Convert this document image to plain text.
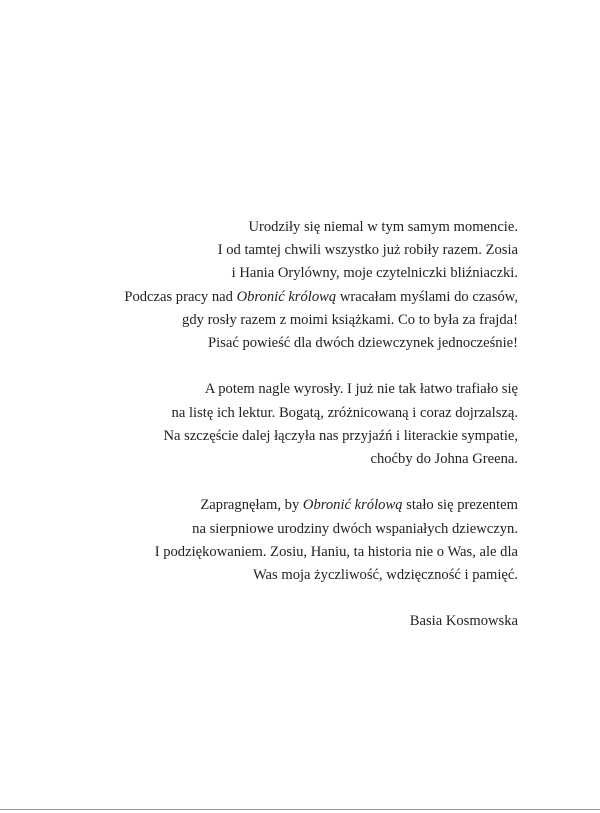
Urodziły się niemal w tym samym momencie.
I od tamtej chwili wszystko już robiły razem. Zosia
i Hania Orylówny, moje czytelniczki bliźniaczki.
Podczas pracy nad Obronić królową wracałam myślami do czasów,
gdy rosły razem z moimi książkami. Co to była za frajda!
Pisać powieść dla dwóch dziewczynek jednocześnie!

A potem nagle wyrosły. I już nie tak łatwo trafiało się
na listę ich lektur. Bogatą, zróżnicowaną i coraz dojrzalszą.
Na szczęście dalej łączyła nas przyjaźń i literackie sympatie,
choćby do Johna Greena.

Zapragnęłam, by Obronić królową stało się prezentem
na sierpniowe urodziny dwóch wspaniałych dziewczyn.
I podziękowaniem. Zosiu, Haniu, ta historia nie o Was, ale dla
Was moja życzliwość, wdzięczność i pamięć.

Basia Kosmowska
